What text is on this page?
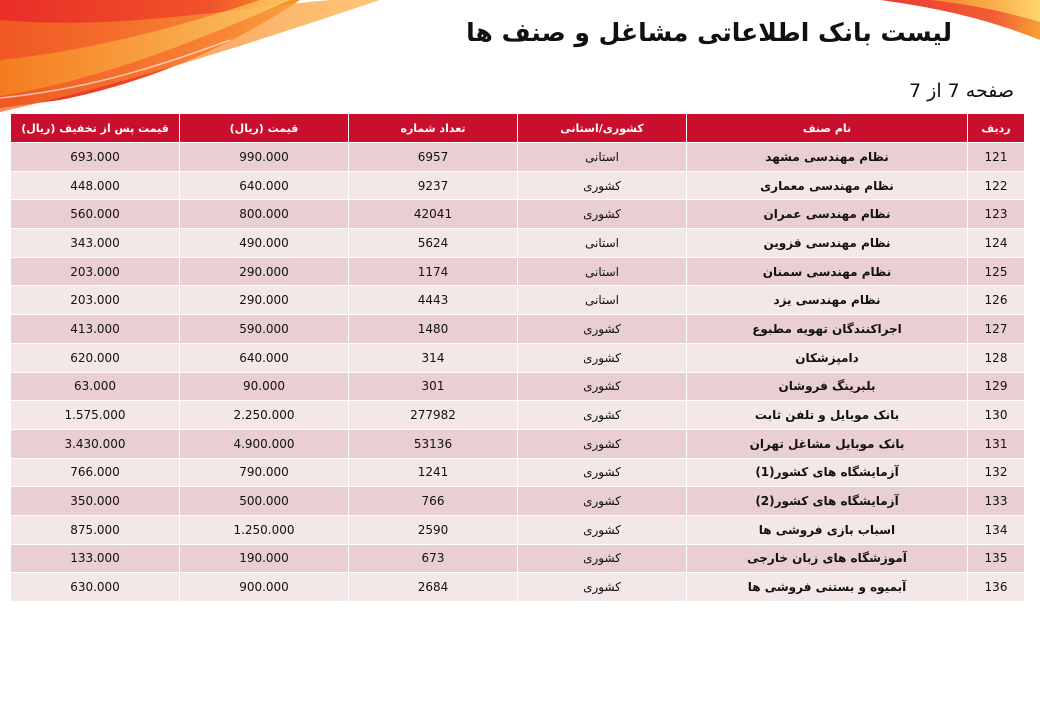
لیست بانک اطلاعاتی مشاغل و صنف ها
صفحه 7 از 7
ردیف	نام صنف	کشوری/استانی	تعداد شماره	قیمت (ریال)	قیمت پس از تخفیف (ریال)
121	نظام مهندسی مشهد	استانی	6957	990.000	693.000
122	نظام مهندسی معماری	کشوری	9237	640.000	448.000
123	نظام مهندسی عمران	کشوری	42041	800.000	560.000
124	نظام مهندسی قزوین	استانی	5624	490.000	343.000
125	نظام مهندسی سمنان	استانی	1174	290.000	203.000
126	نظام مهندسی یزد	استانی	4443	290.000	203.000
127	اجراکنندگان تهویه مطبوع	کشوری	1480	590.000	413.000
128	دامپزشکان	کشوری	314	640.000	620.000
129	بلبرینگ فروشان	کشوری	301	90.000	63.000
130	بانک موبایل و تلفن ثابت	کشوری	277982	2.250.000	1.575.000
131	بانک موبایل مشاغل تهران	کشوری	53136	4.900.000	3.430.000
132	آزمایشگاه های کشور(1)	کشوری	1241	790.000	766.000
133	آزمایشگاه های کشور(2)	کشوری	766	500.000	350.000
134	اسباب بازی فروشی ها	کشوری	2590	1.250.000	875.000
135	آموزشگاه های زبان خارجی	کشوری	673	190.000	133.000
136	آبمیوه و بستنی فروشی ها	کشوری	2684	900.000	630.000
